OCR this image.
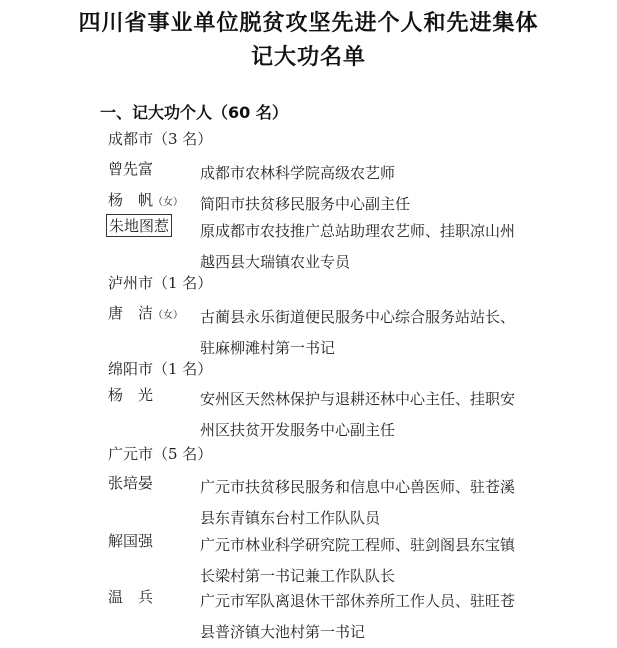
四川省事业单位脱贫攻坚先进个人和先进集体
记大功名单
一、记大功个人（60 名）
成都市（3 名）
曾先富	成都市农林科学院高级农艺师
杨　帆（女） 简阳市扶贫移民服务中心副主任
朱地图惹 原成都市农技推广总站助理农艺师、挂职凉山州
越西县大瑞镇农业专员
泸州市（1 名）
唐　洁（女） 古蔺县永乐街道便民服务中心综合服务站站长、
驻麻柳滩村第一书记
绵阳市（1 名）
杨　光	安州区天然林保护与退耕还林中心主任、挂职安
州区扶贫开发服务中心副主任
广元市（5 名）
张培晏	广元市扶贫移民服务和信息中心兽医师、驻苍溪
县东青镇东台村工作队队员
解国强	广元市林业科学研究院工程师、驻剑阁县东宝镇
长梁村第一书记兼工作队队长
温　兵	广元市军队离退休干部休养所工作人员、驻旺苍
县普济镇大池村第一书记
